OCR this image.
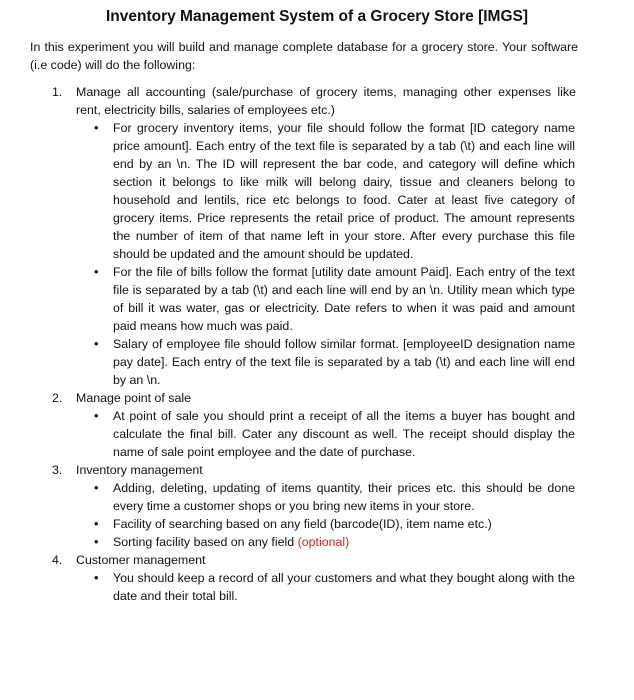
Inventory Management System of a Grocery Store [IMGS]
In this experiment you will build and manage complete database for a grocery store. Your software (i.e code) will do the following:
1. Manage all accounting (sale/purchase of grocery items, managing other expenses like rent, electricity bills, salaries of employees etc.)
• For grocery inventory items, your file should follow the format [ID category name price amount]. Each entry of the text file is separated by a tab (\t) and each line will end by an \n. The ID will represent the bar code, and category will define which section it belongs to like milk will belong dairy, tissue and cleaners belong to household and lentils, rice etc belongs to food. Cater at least five category of grocery items. Price represents the retail price of product. The amount represents the number of item of that name left in your store. After every purchase this file should be updated and the amount should be updated.
• For the file of bills follow the format [utility date amount Paid]. Each entry of the text file is separated by a tab (\t) and each line will end by an \n. Utility mean which type of bill it was water, gas or electricity. Date refers to when it was paid and amount paid means how much was paid.
• Salary of employee file should follow similar format. [employeeID designation name pay date]. Each entry of the text file is separated by a tab (\t) and each line will end by an \n.
2. Manage point of sale
• At point of sale you should print a receipt of all the items a buyer has bought and calculate the final bill. Cater any discount as well. The receipt should display the name of sale point employee and the date of purchase.
3. Inventory management
• Adding, deleting, updating of items quantity, their prices etc. this should be done every time a customer shops or you bring new items in your store.
• Facility of searching based on any field (barcode(ID), item name etc.)
• Sorting facility based on any field (optional)
4. Customer management
• You should keep a record of all your customers and what they bought along with the date and their total bill.
